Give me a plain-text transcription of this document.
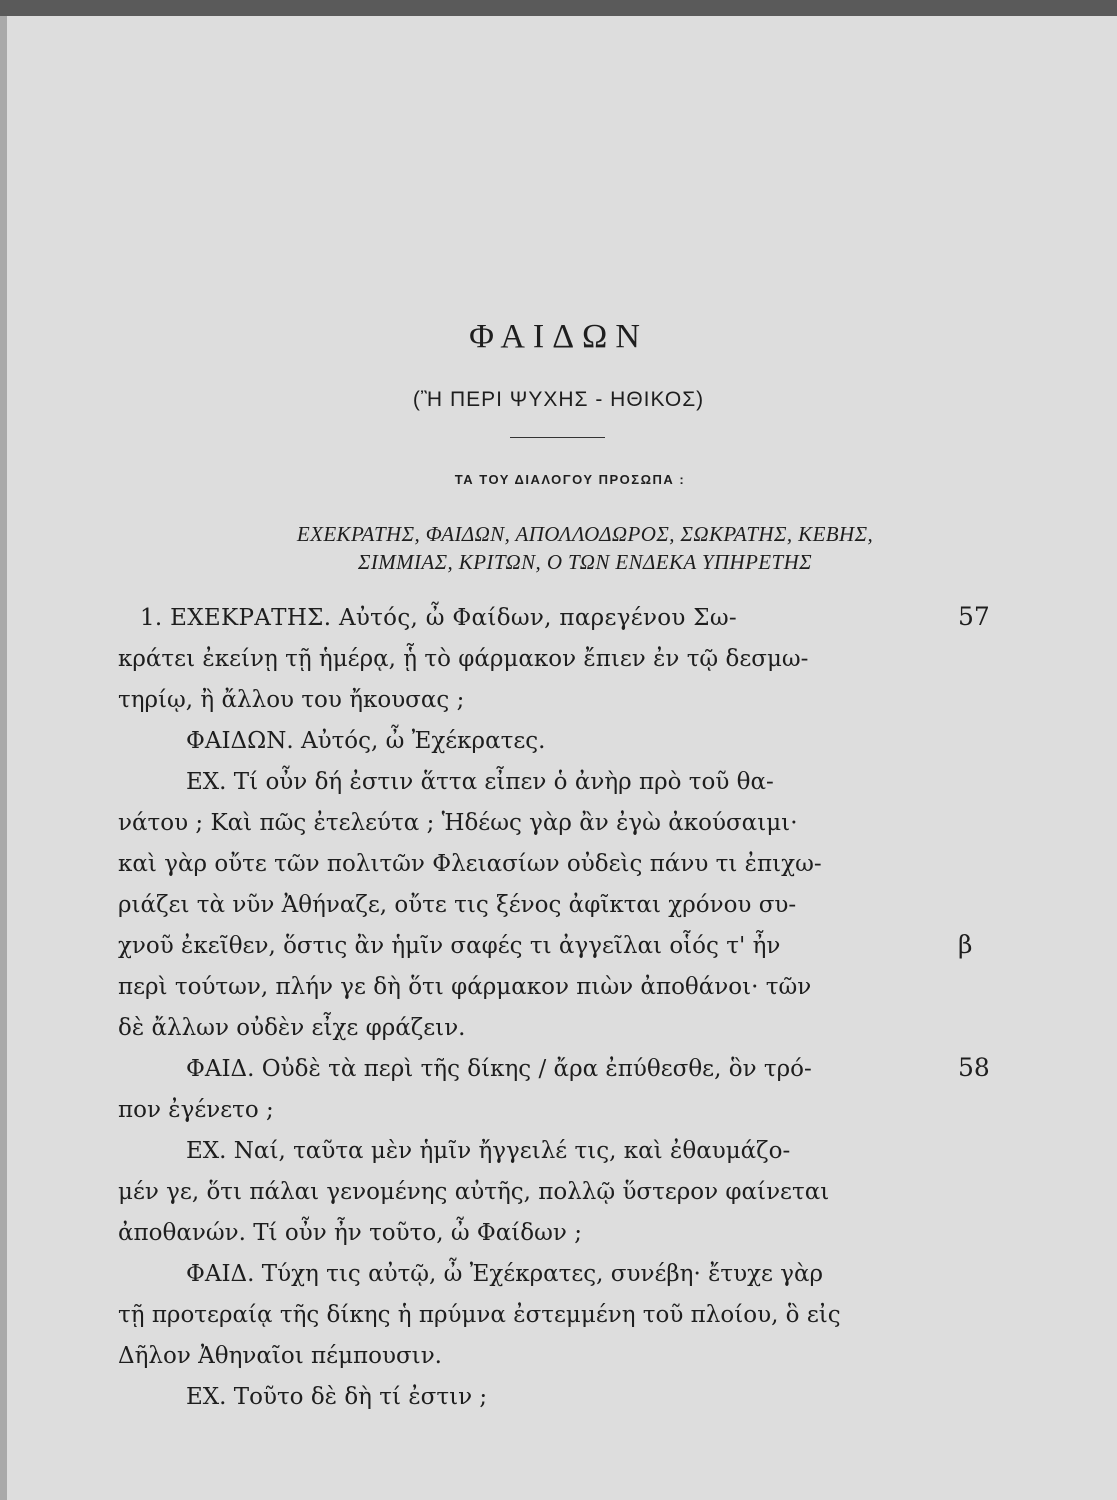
ΦΑΙΔΩΝ
(Ἢ ΠΕΡΙ ΨΥΧΗΣ - ΗΘΙΚΟΣ)
ΤΑ ΤΟΥ ΔΙΑΛΟΓΟΥ ΠΡΟΣΩΠΑ :
ΕΧΕΚΡΑΤΗΣ, ΦΑΙΔΩΝ, ΑΠΟΛΛΟΔΩΡΟΣ, ΣΩΚΡΑΤΗΣ, ΚΕΒΗΣ,
ΣΙΜΜΙΑΣ, ΚΡΙΤΩΝ, Ο ΤΩΝ ΕΝΔΕΚΑ ΥΠΗΡΕΤΗΣ
1. ΕΧΕΚΡΑΤΗΣ. Αὐτός, ὦ Φαίδων, παρεγένου Σω-
κράτει ἐκείνῃ τῇ ἡμέρᾳ, ᾗ τὸ φάρμακον ἔπιεν ἐν τῷ δεσμω-
τηρίῳ, ἢ ἄλλου του ἤκουσας ;
ΦΑΙΔΩΝ. Αὐτός, ὦ Ἐχέκρατες.
ΕΧ. Τί οὖν δή ἐστιν ἅττα εἶπεν ὁ ἀνὴρ πρὸ τοῦ θα-
νάτου ; Καὶ πῶς ἐτελεύτα ; Ἡδέως γὰρ ἂν ἐγὼ ἀκούσαιμι·
καὶ γὰρ οὔτε τῶν πολιτῶν Φλειασίων οὐδεὶς πάνυ τι ἐπιχω-
ριάζει τὰ νῦν Ἀθήναζε, οὔτε τις ξένος ἀφῖκται χρόνου συ-
χνοῦ ἐκεῖθεν, ὅστις ἂν ἡμῖν σαφές τι ἀγγεῖλαι οἷός τ' ἦν
περὶ τούτων, πλήν γε δὴ ὅτι φάρμακον πιὼν ἀποθάνοι· τῶν
δὲ ἄλλων οὐδὲν εἶχε φράζειν.
ΦΑΙΔ. Οὐδὲ τὰ περὶ τῆς δίκης / ἄρα ἐπύθεσθε, ὃν τρό-
πον ἐγένετο ;
ΕΧ. Ναί, ταῦτα μὲν ἡμῖν ἤγγειλέ τις, καὶ ἐθαυμάζο-
μέν γε, ὅτι πάλαι γενομένης αὐτῆς, πολλῷ ὕστερον φαίνεται
ἀποθανών. Τί οὖν ἦν τοῦτο, ὦ Φαίδων ;
ΦΑΙΔ. Τύχη τις αὐτῷ, ὦ Ἐχέκρατες, συνέβη· ἔτυχε γὰρ
τῇ προτεραίᾳ τῆς δίκης ἡ πρύμνα ἐστεμμένη τοῦ πλοίου, ὃ εἰς
Δῆλον Ἀθηναῖοι πέμπουσιν.
ΕΧ. Τοῦτο δὲ δὴ τί ἐστιν ;
57
β
58
